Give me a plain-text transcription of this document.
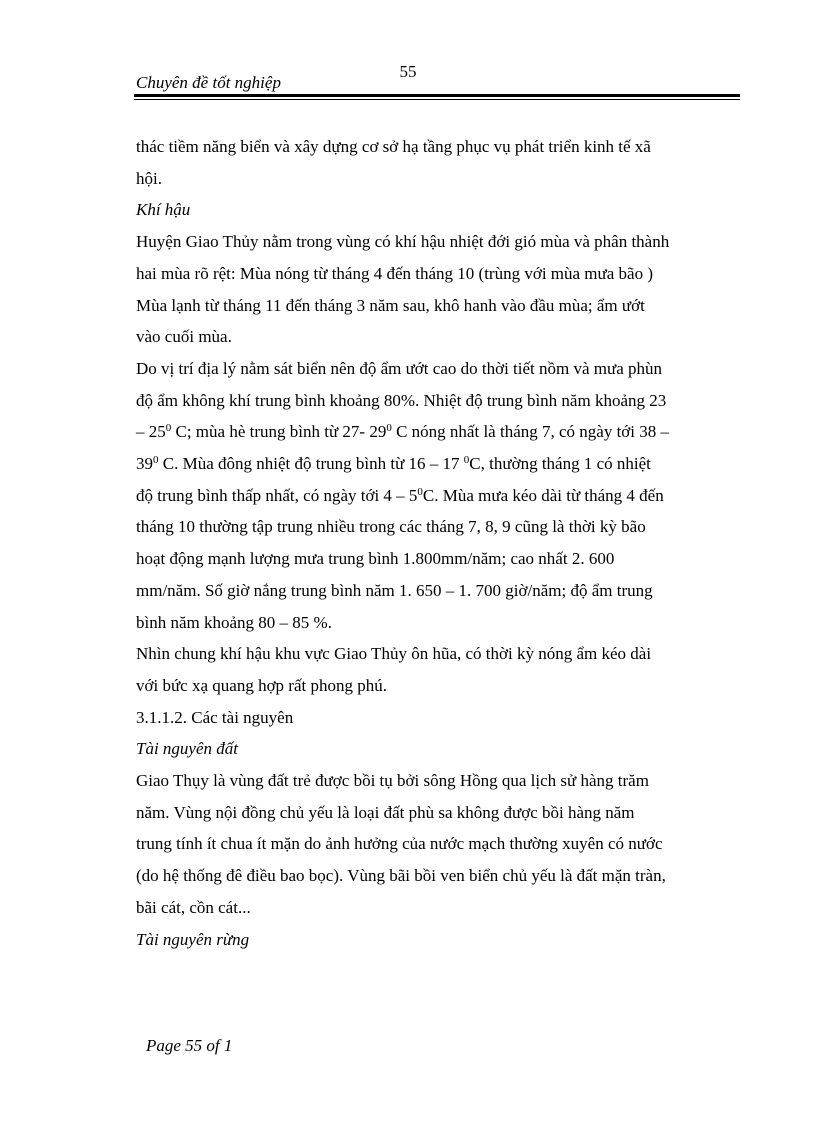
55
Chuyên đề tốt nghiệp

thác tiềm năng biển và xây dựng cơ sở hạ tầng phục vụ phát triển kinh tế xã

hội.

Khí hậu

Huyện Giao Thủy nằm trong vùng có khí hậu nhiệt đới gió mùa và phân thành

hai mùa rõ rệt: Mùa nóng từ tháng 4 đến tháng 10 (trùng với mùa mưa bão )

Mùa lạnh từ tháng 11 đến tháng 3 năm sau, khô hanh vào đầu mùa; ẩm ướt

vào cuối mùa.

Do vị trí địa lý nằm sát biển nên độ ẩm ướt cao do thời tiết nồm và mưa phùn

độ ẩm không khí trung bình khoảng 80%. Nhiệt độ trung bình năm khoảng 23

– $25^0$ C; mùa hè trung bình từ 27- $29^0$ C nóng nhất là tháng 7, có ngày tới 38 –

$39^0$ C. Mùa đông nhiệt độ trung bình từ 16 – 17 $^0$C, thường tháng 1 có nhiệt

độ trung bình thấp nhất, có ngày tới $4 - 5^0C$. Mùa mưa kéo dài từ tháng 4 đến

tháng 10 thường tập trung nhiều trong các tháng 7, 8, 9 cũng là thời kỳ bão

hoạt động mạnh lượng mưa trung bình 1.800mm/năm; cao nhất 2. 600

mm/năm. Số giờ nắng trung bình năm 1. 650 – 1. 700 giờ/năm; độ ẩm trung

bình năm khoảng 80 – 85 %.

Nhìn chung khí hậu khu vực Giao Thủy ôn hũa, có thời kỳ nóng ẩm kéo dài

với bức xạ quang hợp rất phong phú.

3.1.1.2. Các tài nguyên

Tài nguyên đất

Giao Thụy là vùng đất trẻ được bồi tụ bởi sông Hồng qua lịch sử hàng trăm

năm. Vùng nội đồng chủ yếu là loại đất phù sa không được bồi hàng năm

trung tính ít chua ít mặn do ảnh hưởng của nước mạch thường xuyên có nước

(do hệ thống đê điều bao bọc). Vùng bãi bồi ven biển chủ yếu là đất mặn tràn,

bãi cát, cồn cát...

Tài nguyên rừng

Page 55 of 1
